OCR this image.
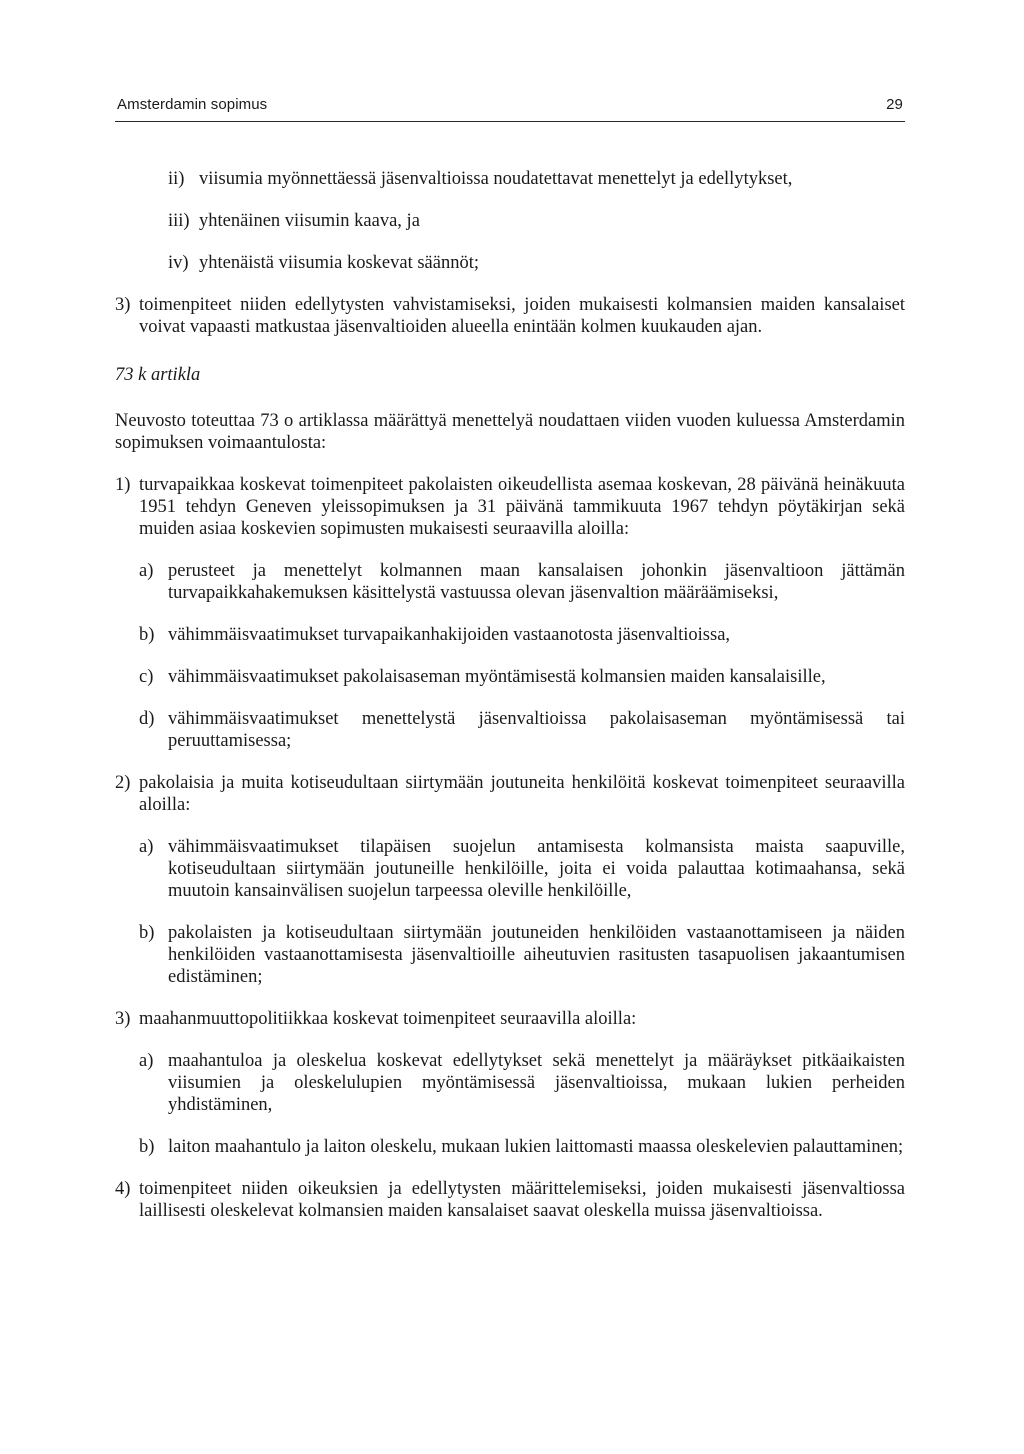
Amsterdamin sopimus	29
ii) viisumia myönnettäessä jäsenvaltioissa noudatettavat menettelyt ja edellytykset,
iii) yhtenäinen viisumin kaava, ja
iv) yhtenäistä viisumia koskevat säännöt;
3) toimenpiteet niiden edellytysten vahvistamiseksi, joiden mukaisesti kolmansien maiden kansalaiset voivat vapaasti matkustaa jäsenvaltioiden alueella enintään kolmen kuukauden ajan.
73 k artikla
Neuvosto toteuttaa 73 o artiklassa määrättyä menettelyä noudattaen viiden vuoden kuluessa Amsterdamin sopimuksen voimaantulosta:
1) turvapaikkaa koskevat toimenpiteet pakolaisten oikeudellista asemaa koskevan, 28 päivänä heinäkuuta 1951 tehdyn Geneven yleissopimuksen ja 31 päivänä tammikuuta 1967 tehdyn pöytäkirjan sekä muiden asiaa koskevien sopimusten mukaisesti seuraavilla aloilla:
a) perusteet ja menettelyt kolmannen maan kansalaisen johonkin jäsenvaltioon jättämän turvapaikkahakemuksen käsittelystä vastuussa olevan jäsenvaltion määräämiseksi,
b) vähimmäisvaatimukset turvapaikanhakijoiden vastaanotosta jäsenvaltioissa,
c) vähimmäisvaatimukset pakolaisaseman myöntämisestä kolmansien maiden kansalaisille,
d) vähimmäisvaatimukset menettelystä jäsenvaltioissa pakolaisaseman myöntämisessä tai peruuttamisessa;
2) pakolaisia ja muita kotiseudultaan siirtymään joutuneita henkilöitä koskevat toimenpiteet seuraavilla aloilla:
a) vähimmäisvaatimukset tilapäisen suojelun antamisesta kolmansista maista saapuville, kotiseudultaan siirtymään joutuneille henkilöille, joita ei voida palauttaa kotimaahansa, sekä muutoin kansainvälisen suojelun tarpeessa oleville henkilöille,
b) pakolaisten ja kotiseudultaan siirtymään joutuneiden henkilöiden vastaanottamiseen ja näiden henkilöiden vastaanottamisesta jäsenvaltioille aiheutuvien rasitusten tasapuolisen jakaantumisen edistäminen;
3) maahanmuuttopolitiikkaa koskevat toimenpiteet seuraavilla aloilla:
a) maahantuloa ja oleskelua koskevat edellytykset sekä menettelyt ja määräykset pitkäaikaisten viisumien ja oleskelulupien myöntämisessä jäsenvaltioissa, mukaan lukien perheiden yhdistäminen,
b) laiton maahantulo ja laiton oleskelu, mukaan lukien laittomasti maassa oleskelevien palauttaminen;
4) toimenpiteet niiden oikeuksien ja edellytysten määrittelemiseksi, joiden mukaisesti jäsenvaltiossa laillisesti oleskelevat kolmansien maiden kansalaiset saavat oleskella muissa jäsenvaltioissa.
